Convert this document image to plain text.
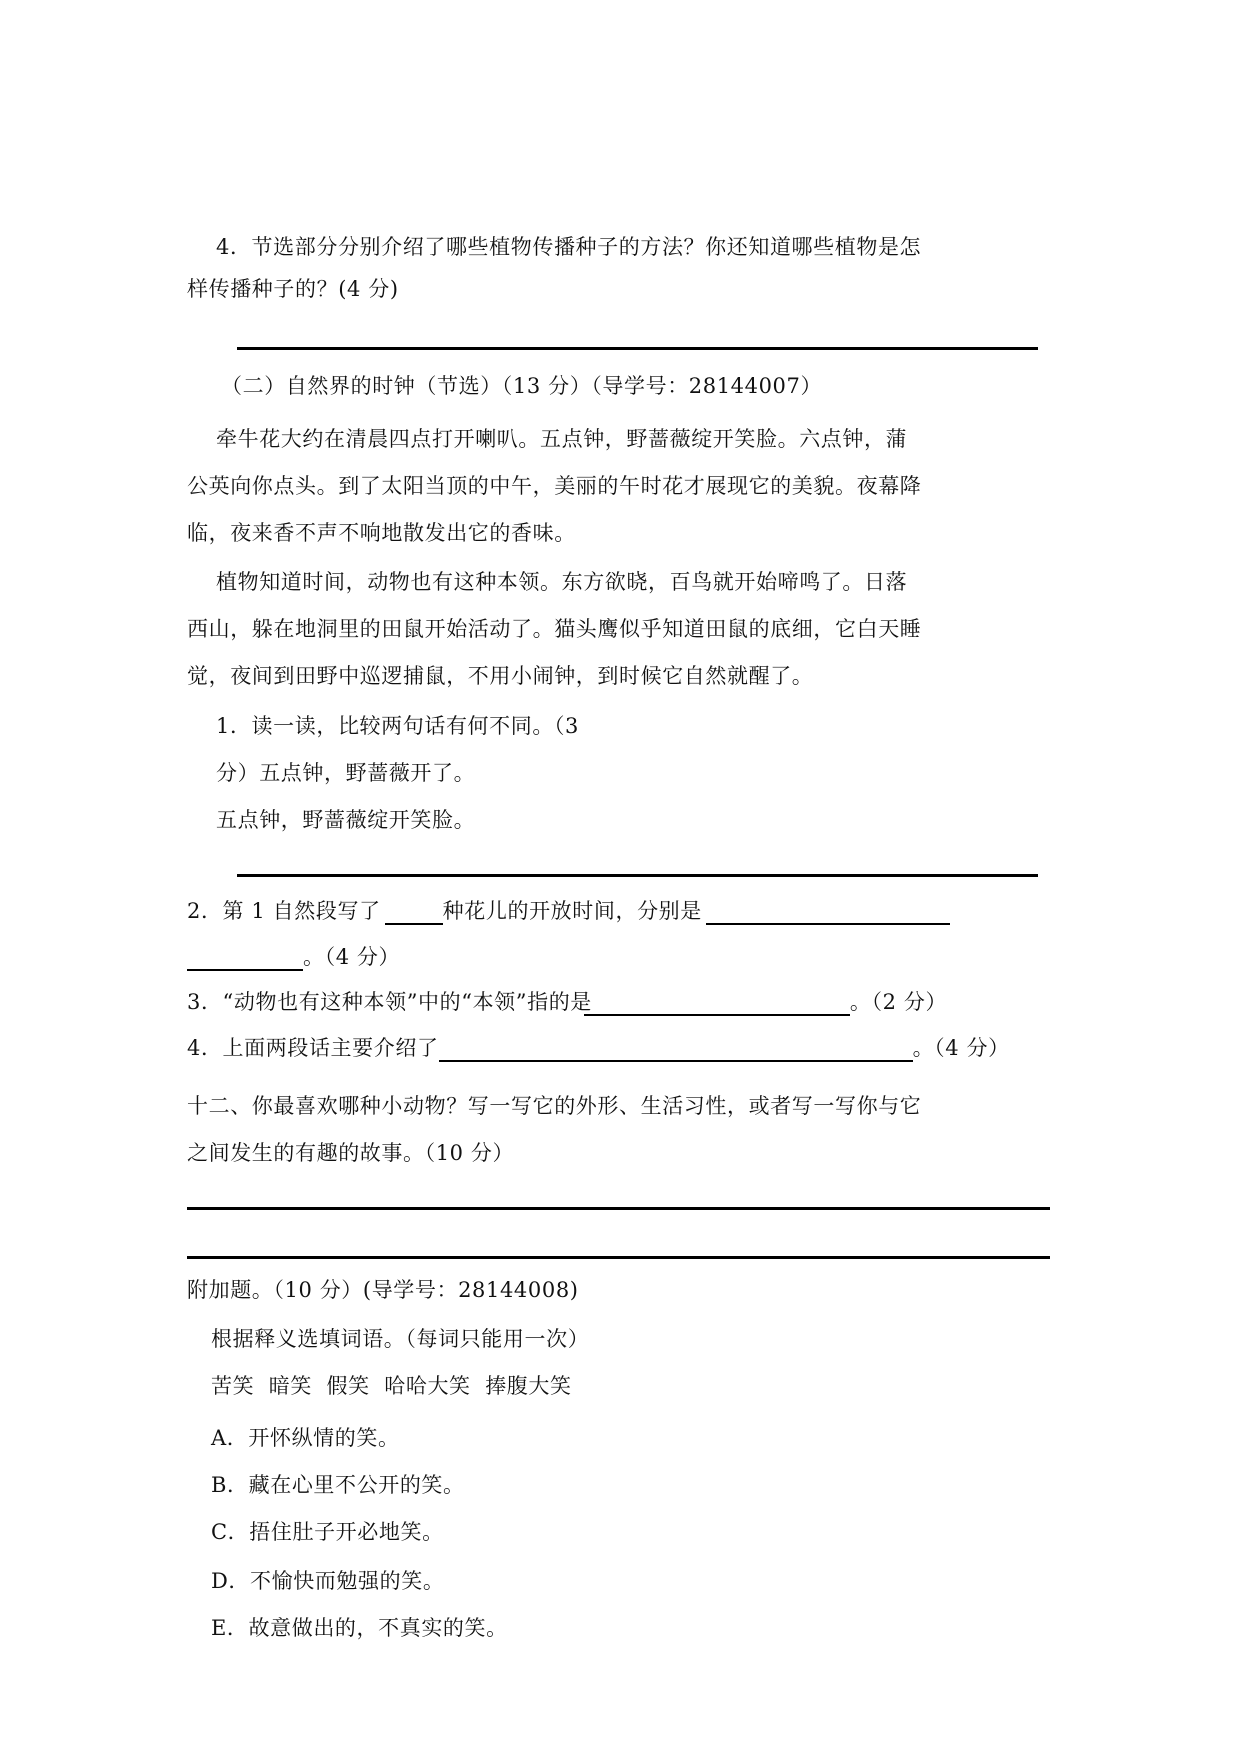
4．节选部分分别介绍了哪些植物传播种子的方法？你还知道哪些植物是怎
样传播种子的？(4 分)
（二）自然界的时钟（节选）（13 分）（导学号：28144007）
牵牛花大约在清晨四点打开喇叭。五点钟，野蔷薇绽开笑脸。六点钟，蒲
公英向你点头。到了太阳当顶的中午，美丽的午时花才展现它的美貌。夜幕降
临，夜来香不声不响地散发出它的香味。
植物知道时间，动物也有这种本领。东方欲晓，百鸟就开始啼鸣了。日落
西山，躲在地洞里的田鼠开始活动了。猫头鹰似乎知道田鼠的底细，它白天睡
觉，夜间到田野中巡逻捕鼠，不用小闹钟，到时候它自然就醒了。
1．读一读，比较两句话有何不同。（3
分）五点钟，野蔷薇开了。
五点钟，野蔷薇绽开笑脸。
2．第 1 自然段写了	种花儿的开放时间，分别是
。（4 分）
3．“动物也有这种本领”中的“本领”指的是	。（2 分）
4．上面两段话主要介绍了	。（4 分）
十二、你最喜欢哪种小动物？写一写它的外形、生活习性，或者写一写你与它
之间发生的有趣的故事。（10 分）
附加题。（10 分）(导学号：28144008)
根据释义选填词语。（每词只能用一次）
苦笑  暗笑  假笑  哈哈大笑  捧腹大笑
A．开怀纵情的笑。
B．藏在心里不公开的笑。
C．捂住肚子开必地笑。
D．不愉快而勉强的笑。
E．故意做出的，不真实的笑。
